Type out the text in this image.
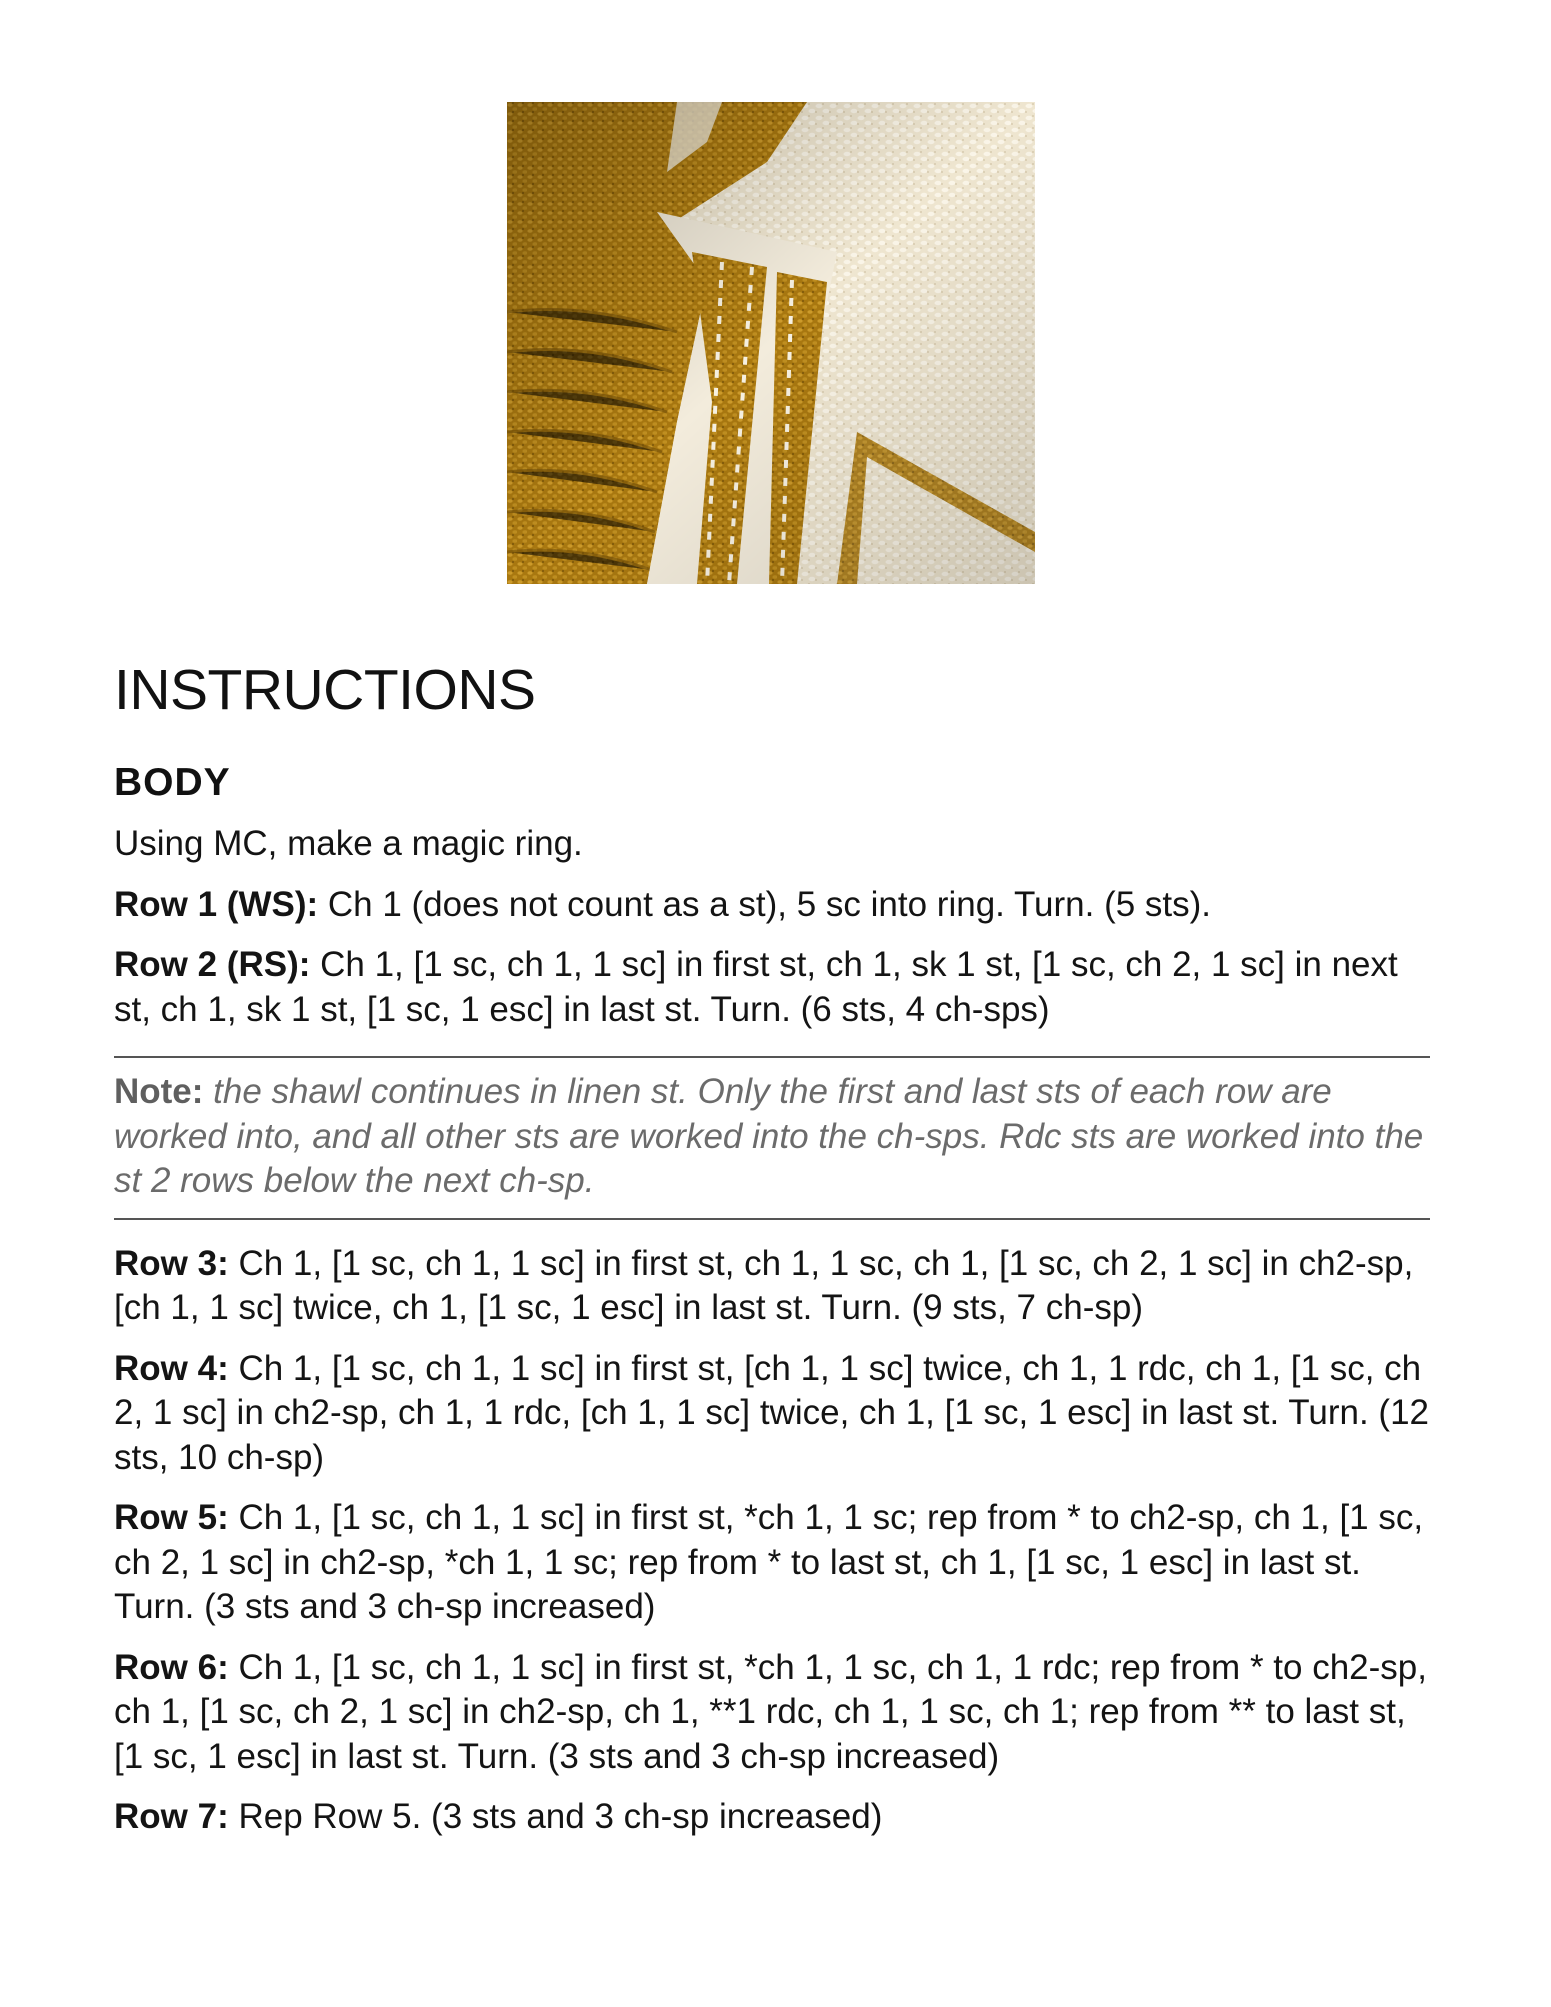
INSTRUCTIONS
BODY

Using MC, make a magic ring.

Row 1 (WS): Ch 1 (does not count as a st), 5 sc into ring. Turn. (5 sts).

Row 2 (RS): Ch 1, [1 sc, ch 1, 1 sc] in first st, ch 1, sk 1 st, [1 sc, ch 2, 1 sc] in next st, ch 1, sk 1 st, [1 sc, 1 esc] in last st. Turn. (6 sts, 4 ch-sps)

Note: the shawl continues in linen st. Only the first and last sts of each row are worked into, and all other sts are worked into the ch-sps. Rdc sts are worked into the st 2 rows below the next ch-sp.

Row 3: Ch 1, [1 sc, ch 1, 1 sc] in first st, ch 1, 1 sc, ch 1, [1 sc, ch 2, 1 sc] in ch2-sp, [ch 1, 1 sc] twice, ch 1, [1 sc, 1 esc] in last st. Turn. (9 sts, 7 ch-sp)

Row 4: Ch 1, [1 sc, ch 1, 1 sc] in first st, [ch 1, 1 sc] twice, ch 1, 1 rdc, ch 1, [1 sc, ch 2, 1 sc] in ch2-sp, ch 1, 1 rdc, [ch 1, 1 sc] twice, ch 1, [1 sc, 1 esc] in last st. Turn. (12 sts, 10 ch-sp)

Row 5: Ch 1, [1 sc, ch 1, 1 sc] in first st, *ch 1, 1 sc; rep from * to ch2-sp, ch 1, [1 sc, ch 2, 1 sc] in ch2-sp, *ch 1, 1 sc; rep from * to last st, ch 1, [1 sc, 1 esc] in last st. Turn. (3 sts and 3 ch-sp increased)

Row 6: Ch 1, [1 sc, ch 1, 1 sc] in first st, *ch 1, 1 sc, ch 1, 1 rdc; rep from * to ch2-sp, ch 1, [1 sc, ch 2, 1 sc] in ch2-sp, ch 1, **1 rdc, ch 1, 1 sc, ch 1; rep from ** to last st, [1 sc, 1 esc] in last st. Turn. (3 sts and 3 ch-sp increased)

Row 7: Rep Row 5. (3 sts and 3 ch-sp increased)
